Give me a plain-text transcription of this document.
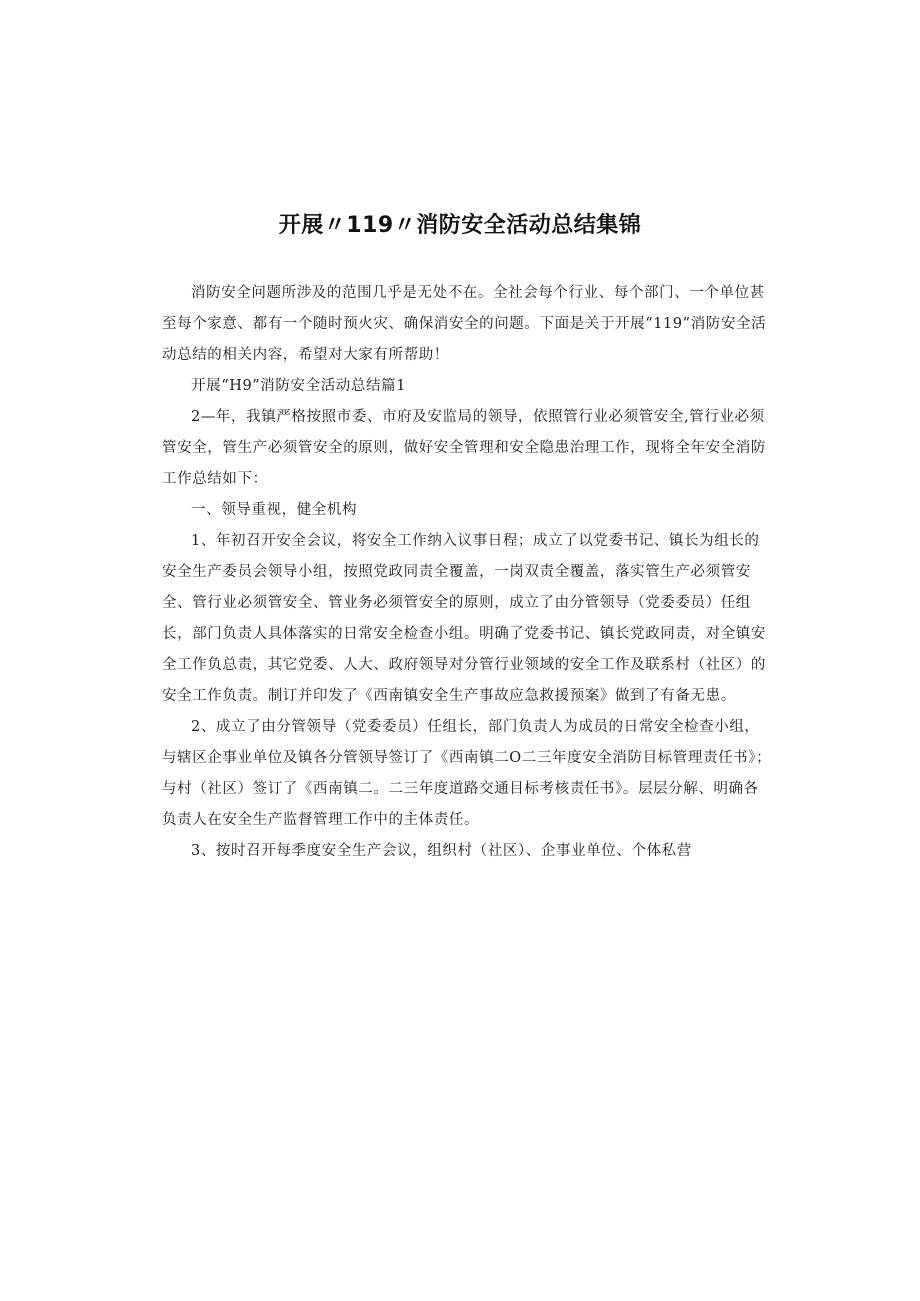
开展〃119〃消防安全活动总结集锦

消防安全问题所涉及的范围几乎是无处不在。全社会每个行业、每个部门、一个单位甚至每个家意、都有一个随时预火灾、确保消安全的问题。下面是关于开展“119”消防安全活动总结的相关内容，希望对大家有所帮助！

开展“H9”消防安全活动总结篇1

2—年，我镇严格按照市委、市府及安监局的领导，依照管行业必须管安全,管行业必须管安全，管生产必须管安全的原则，做好安全管理和安全隐患治理工作，现将全年安全消防工作总结如下：

一、领导重视，健全机构

1、年初召开安全会议，将安全工作纳入议事日程；成立了以党委书记、镇长为组长的安全生产委员会领导小组，按照党政同责全覆盖，一岗双责全覆盖，落实管生产必须管安全、管行业必须管安全、管业务必须管安全的原则，成立了由分管领导（党委委员）任组长，部门负责人具体落实的日常安全检查小组。明确了党委书记、镇长党政同责，对全镇安全工作负总责，其它党委、人大、政府领导对分管行业领域的安全工作及联系村（社区）的安全工作负责。制订并印发了《西南镇安全生产事故应急救援预案》做到了有备无患。

2、成立了由分管领导（党委委员）任组长，部门负责人为成员的日常安全检查小组，与辖区企事业单位及镇各分管领导签订了《西南镇二O二三年度安全消防目标管理责任书》；与村（社区）签订了《西南镇二。二三年度道路交通目标考核责任书》。层层分解、明确各负责人在安全生产监督管理工作中的主体责任。

3、按时召开每季度安全生产会议，组织村（社区）、企事业单位、个体私营
